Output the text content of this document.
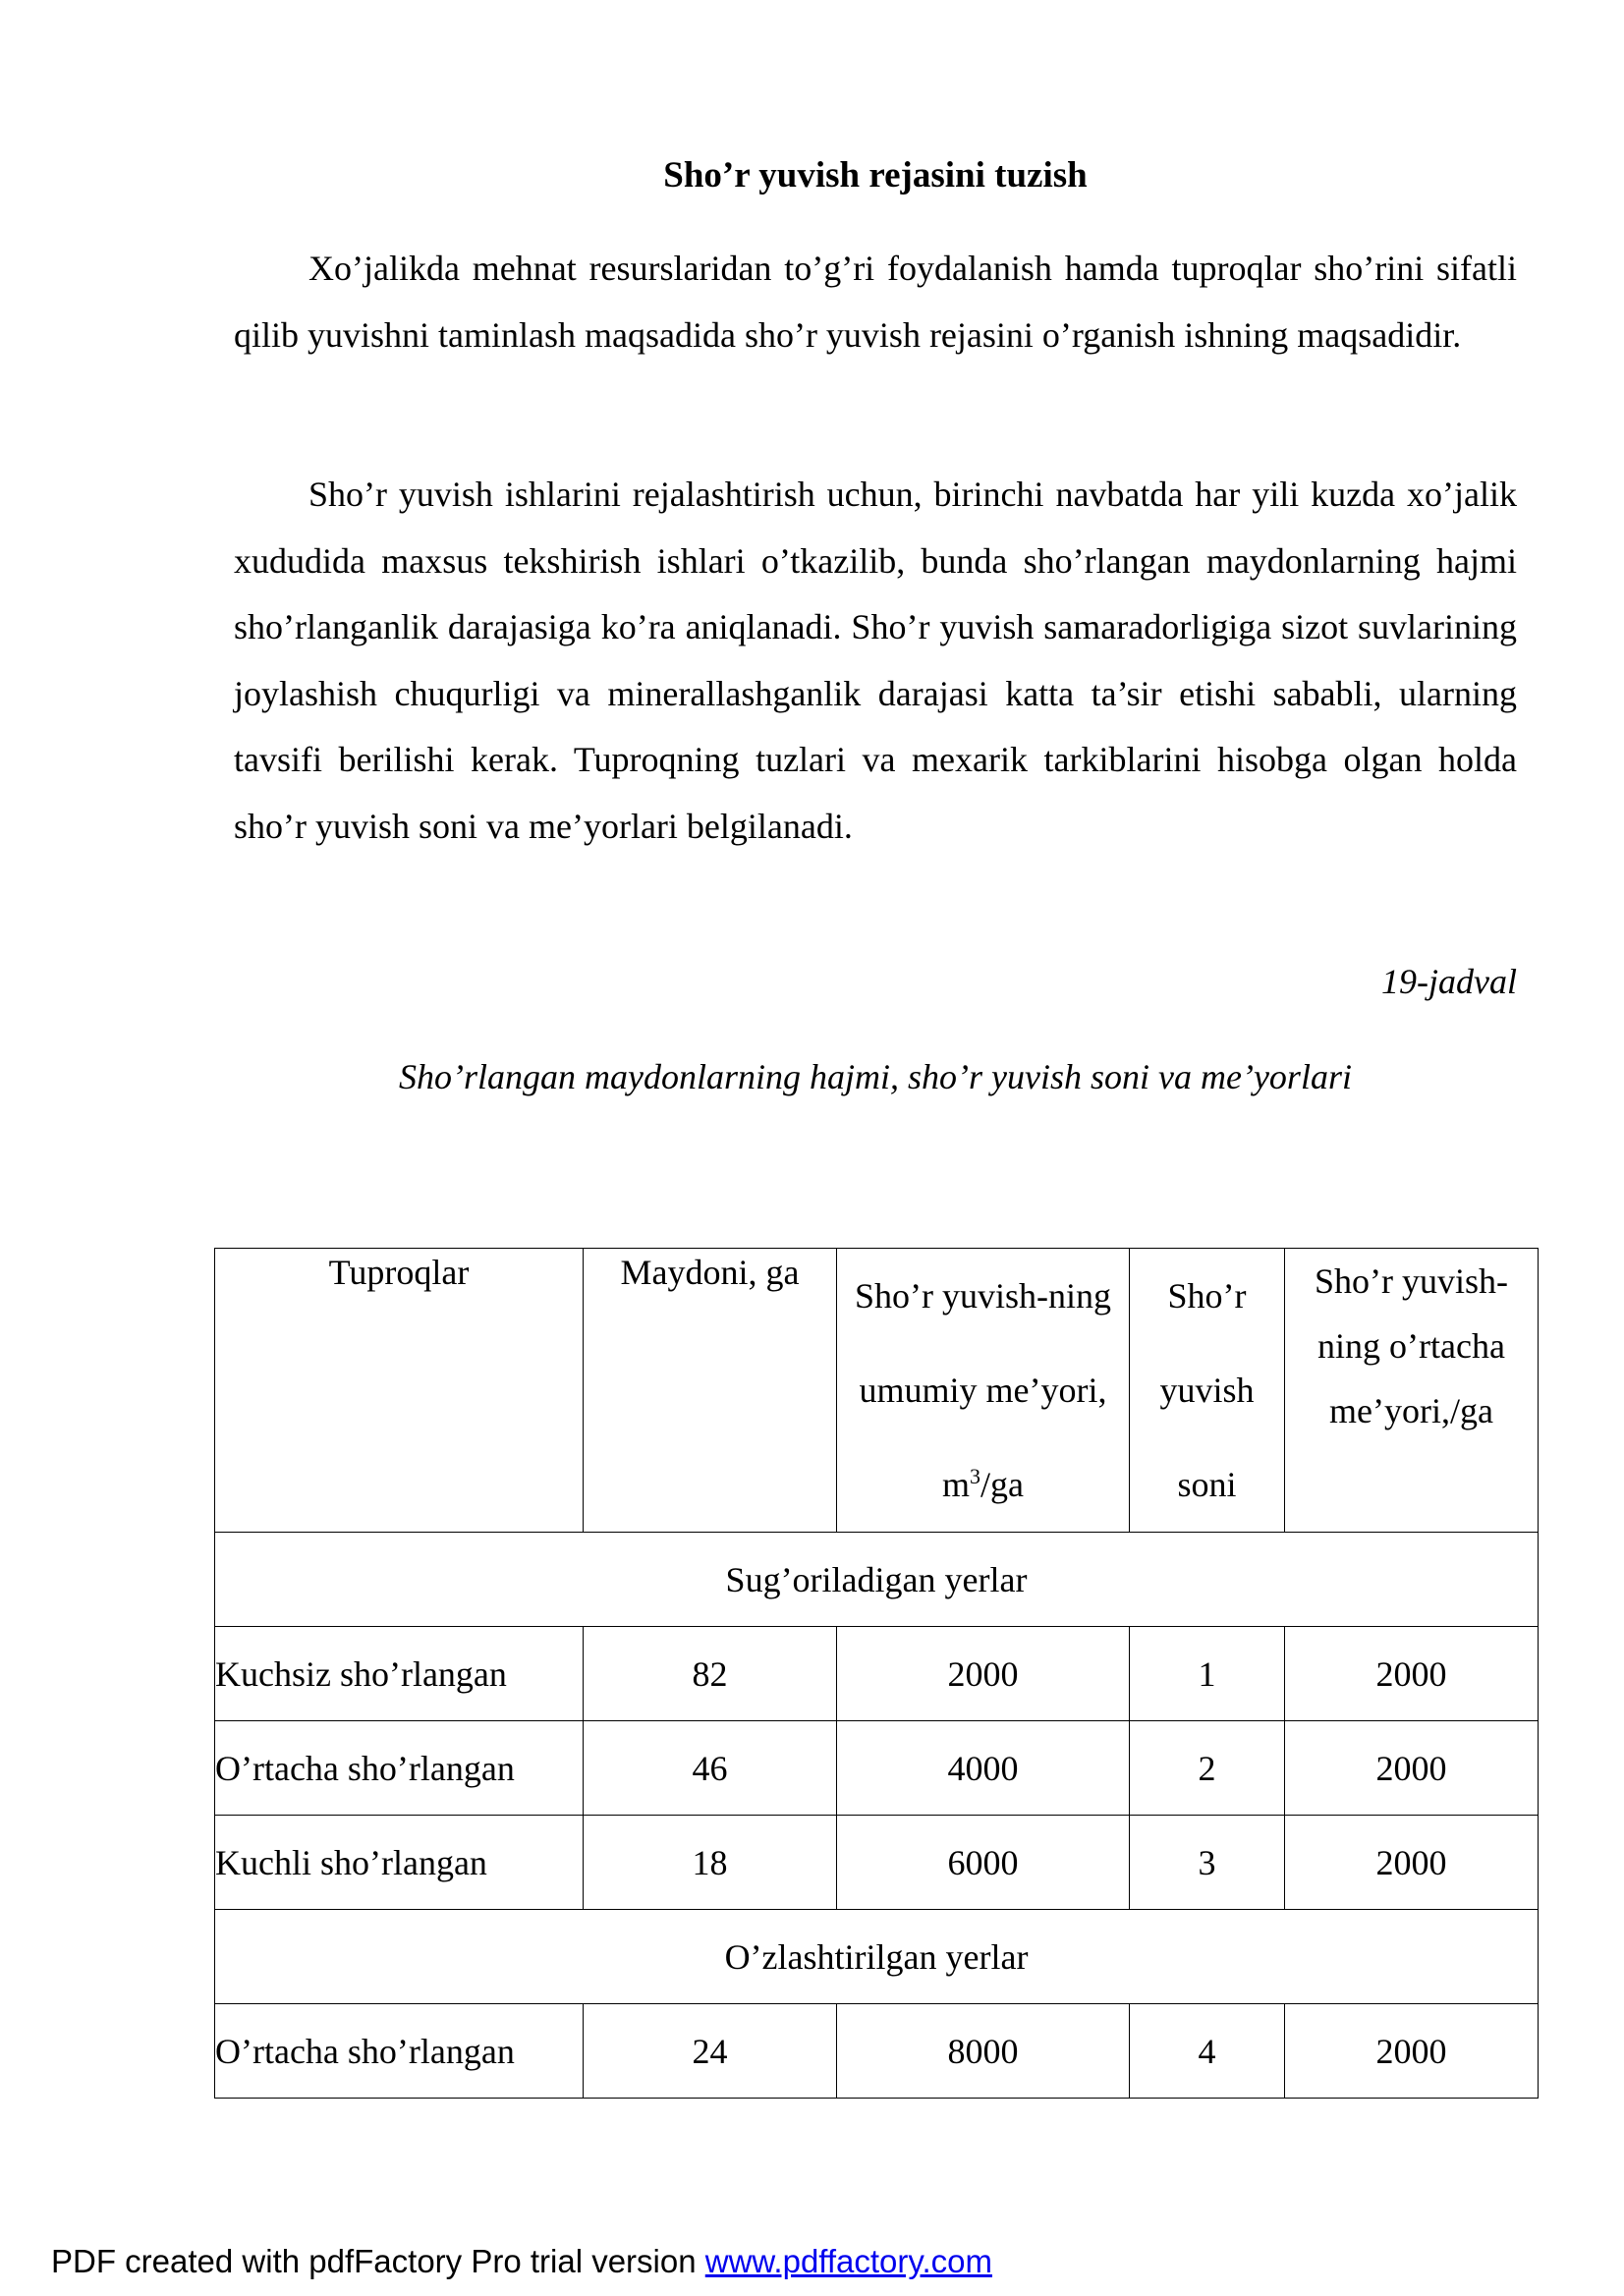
Sho’r yuvish rejasini tuzish

Xo’jalikda mehnat resurslaridan to’g’ri foydalanish hamda tuproqlar sho’rini sifatli qilib yuvishni taminlash maqsadida sho’r yuvish rejasini o’rganish ishning maqsadidir.

Sho’r yuvish ishlarini rejalashtirish uchun, birinchi navbatda har yili kuzda xo’jalik xududida maxsus tekshirish ishlari o’tkazilib, bunda sho’rlangan maydonlarning hajmi sho’rlanganlik darajasiga ko’ra aniqlanadi. Sho’r yuvish samaradorligiga sizot suvlarining joylashish chuqurligi va minerallashganlik darajasi katta ta’sir etishi sababli, ularning tavsifi berilishi kerak. Tuproqning tuzlari va mexarik tarkiblarini hisobga olgan holda sho’r yuvish soni va me’yorlari belgilanadi.

19-jadval
Sho’rlangan maydonlarning hajmi, sho’r yuvish soni va me’yorlari
Tuproqlar	Maydoni, ga	Sho’r yuvish-ning umumiy me’yori, $m^3/ga$	Sho’r yuvish soni	Sho’r yuvish-ning o’rtacha me’yori,/ga

Sug’oriladigan yerlar				
Kuchsiz sho’rlangan	82	2000	1	2000
O’rtacha sho’rlangan	46	4000	2	2000
Kuchli sho’rlangan	18	6000	3	2000
O’zlashtirilgan yerlar				
O’rtacha sho’rlangan	24	8000	4	2000
PDF created with pdfFactory Pro trial version www.pdffactory.com
